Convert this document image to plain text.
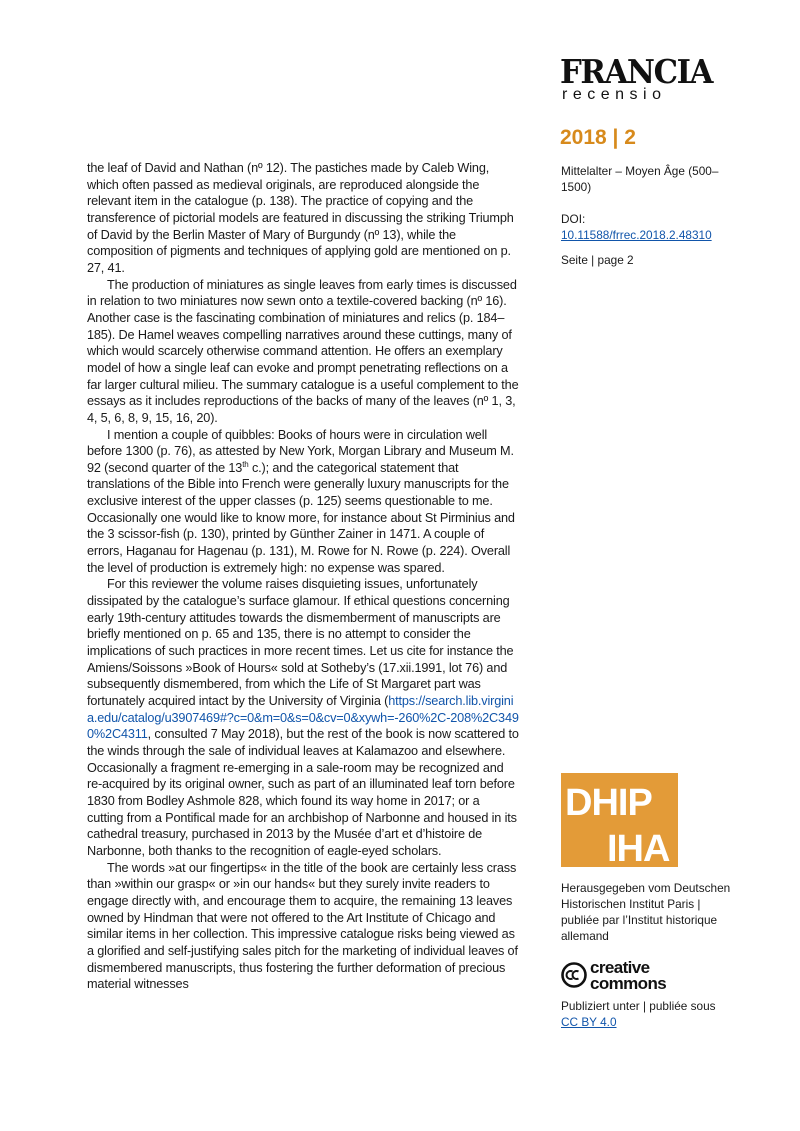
FRANCIA
recensio
2018 | 2
Mittelalter – Moyen Âge (500–1500)
DOI:
10.11588/frrec.2018.2.48310
Seite | page 2

the leaf of David and Nathan (nº 12). The pastiches made by Caleb Wing, which often passed as medieval originals, are reproduced alongside the relevant item in the catalogue (p. 138). The practice of copying and the transference of pictorial models are featured in discussing the striking Triumph of David by the Berlin Master of Mary of Burgundy (nº 13), while the composition of pigments and techniques of applying gold are mentioned on p. 27, 41.

The production of miniatures as single leaves from early times is discussed in relation to two miniatures now sewn onto a textile-covered backing (nº 16). Another case is the fascinating combination of miniatures and relics (p. 184–185). De Hamel weaves compelling narratives around these cuttings, many of which would scarcely otherwise command attention. He offers an exemplary model of how a single leaf can evoke and prompt penetrating reflections on a far larger cultural milieu. The summary catalogue is a useful complement to the essays as it includes reproductions of the backs of many of the leaves (nº 1, 3, 4, 5, 6, 8, 9, 15, 16, 20).

I mention a couple of quibbles: Books of hours were in circulation well before 1300 (p. 76), as attested by New York, Morgan Library and Museum M. 92 (second quarter of the 13th c.); and the categorical statement that translations of the Bible into French were generally luxury manuscripts for the exclusive interest of the upper classes (p. 125) seems questionable to me. Occasionally one would like to know more, for instance about St Pirminius and the 3 scissor-fish (p. 130), printed by Günther Zainer in 1471. A couple of errors, Haganau for Hagenau (p. 131), M. Rowe for N. Rowe (p. 224). Overall the level of production is extremely high: no expense was spared.

For this reviewer the volume raises disquieting issues, unfortunately dissipated by the catalogue’s surface glamour. If ethical questions concerning early 19th-century attitudes towards the dismemberment of manuscripts are briefly mentioned on p. 65 and 135, there is no attempt to consider the implications of such practices in more recent times. Let us cite for instance the Amiens/Soissons »Book of Hours« sold at Sotheby’s (17.xii.1991, lot 76) and subsequently dismembered, from which the Life of St Margaret part was fortunately acquired intact by the University of Virginia (https://search.lib.virginia.edu/catalog/u3907469#?c=0&m=0&s=0&cv=0&xywh=-260%2C-208%2C3490%2C4311, consulted 7 May 2018), but the rest of the book is now scattered to the winds through the sale of individual leaves at Kalamazoo and elsewhere. Occasionally a fragment re-emerging in a sale-room may be recognized and re-acquired by its original owner, such as part of an illuminated leaf torn before 1830 from Bodley Ashmole 828, which found its way home in 2017; or a cutting from a Pontifical made for an archbishop of Narbonne and housed in its cathedral treasury, purchased in 2013 by the Musée d’art et d’histoire de Narbonne, both thanks to the recognition of eagle-eyed scholars.

The words »at our fingertips« in the title of the book are certainly less crass than »within our grasp« or »in our hands« but they surely invite readers to engage directly with, and encourage them to acquire, the remaining 13 leaves owned by Hindman that were not offered to the Art Institute of Chicago and similar items in her collection. This impressive catalogue risks being viewed as a glorified and self-justifying sales pitch for the marketing of individual leaves of dismembered manuscripts, thus fostering the further deformation of precious material witnesses

DHIP
IHA
Herausgegeben vom Deutschen Historischen Institut Paris | publiée par l’Institut historique allemand
creative
commons
Publiziert unter | publiée sous
CC BY 4.0
